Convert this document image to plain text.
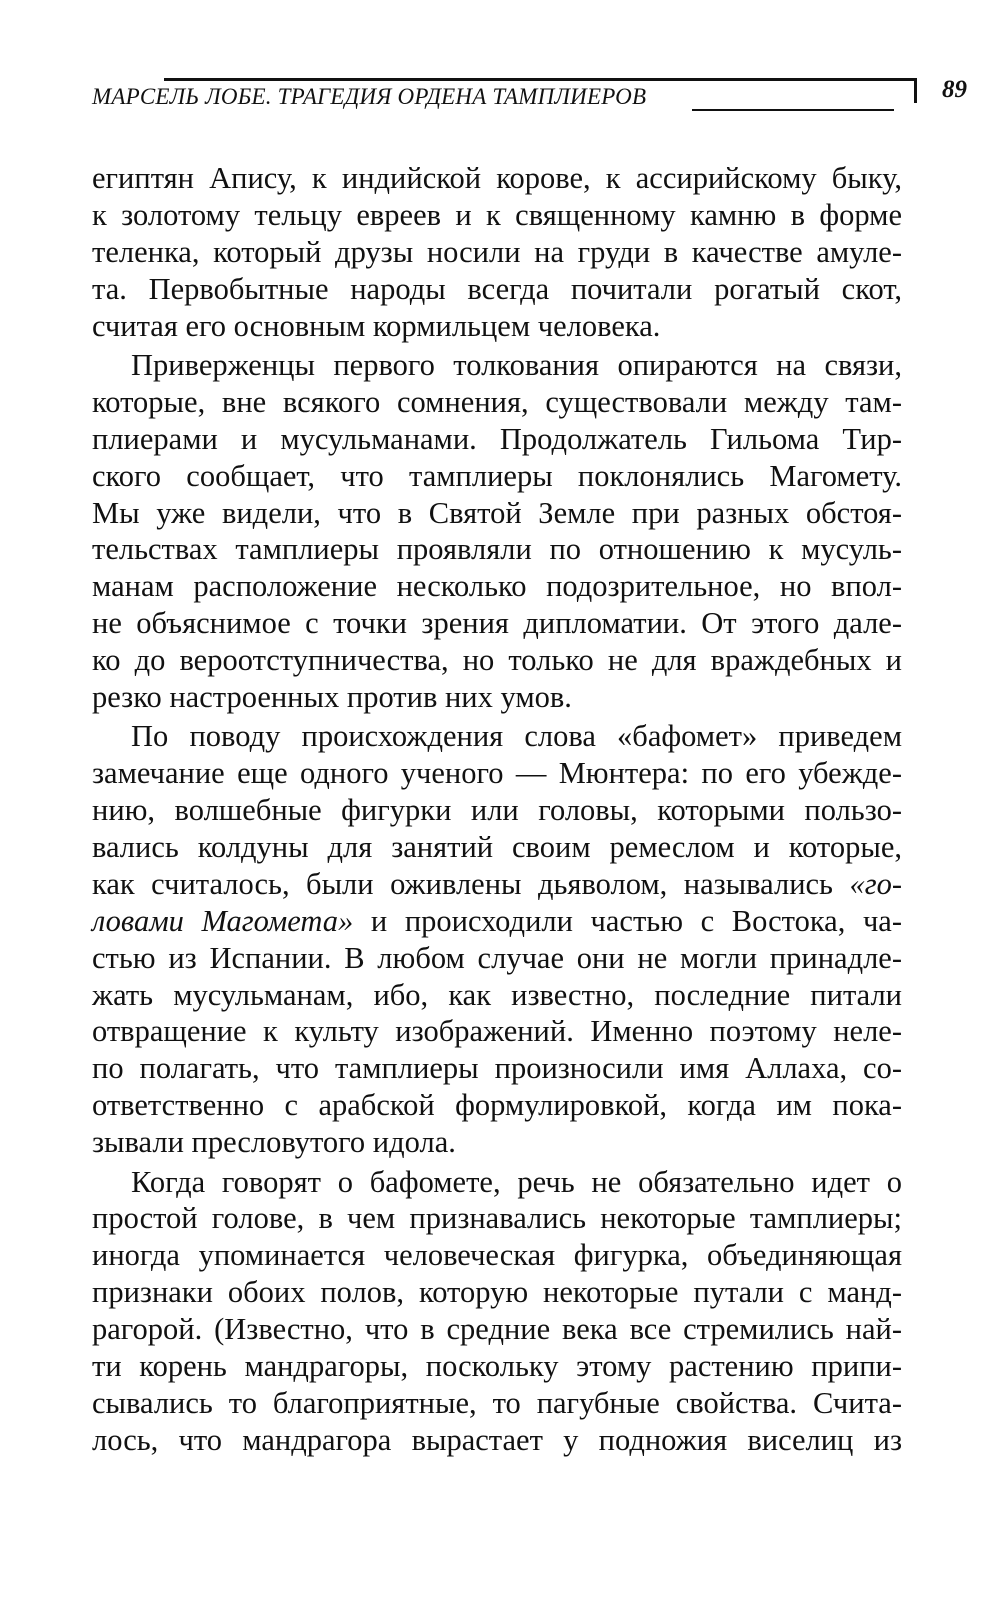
МАРСЕЛЬ ЛОБЕ. ТРАГЕДИЯ ОРДЕНА ТАМПЛИЕРОВ	89
египтян Апису, к индийской корове, к ассирийскому быку,
к золотому тельцу евреев и к священному камню в форме
теленка, который друзы носили на груди в качестве амуле-
та. Первобытные народы всегда почитали рогатый скот,
считая его основным кормильцем человека.
Приверженцы первого толкования опираются на связи,
которые, вне всякого сомнения, существовали между там-
плиерами и мусульманами. Продолжатель Гильома Тир-
ского сообщает, что тамплиеры поклонялись Магомету.
Мы уже видели, что в Святой Земле при разных обстоя-
тельствах тамплиеры проявляли по отношению к мусуль-
манам расположение несколько подозрительное, но впол-
не объяснимое с точки зрения дипломатии. От этого дале-
ко до вероотступничества, но только не для враждебных и
резко настроенных против них умов.
По поводу происхождения слова «бафомет» приведем
замечание еще одного ученого — Мюнтера: по его убежде-
нию, волшебные фигурки или головы, которыми пользо-
вались колдуны для занятий своим ремеслом и которые,
как считалось, были оживлены дьяволом, назывались «го-
ловами Магомета» и происходили частью с Востока, ча-
стью из Испании. В любом случае они не могли принадле-
жать мусульманам, ибо, как известно, последние питали
отвращение к культу изображений. Именно поэтому неле-
по полагать, что тамплиеры произносили имя Аллаха, со-
ответственно с арабской формулировкой, когда им пока-
зывали пресловутого идола.
Когда говорят о бафомете, речь не обязательно идет о
простой голове, в чем признавались некоторые тамплиеры;
иногда упоминается человеческая фигурка, объединяющая
признаки обоих полов, которую некоторые путали с манд-
рагорой. (Известно, что в средние века все стремились най-
ти корень мандрагоры, поскольку этому растению припи-
сывались то благоприятные, то пагубные свойства. Счита-
лось, что мандрагора вырастает у подножия виселиц из
